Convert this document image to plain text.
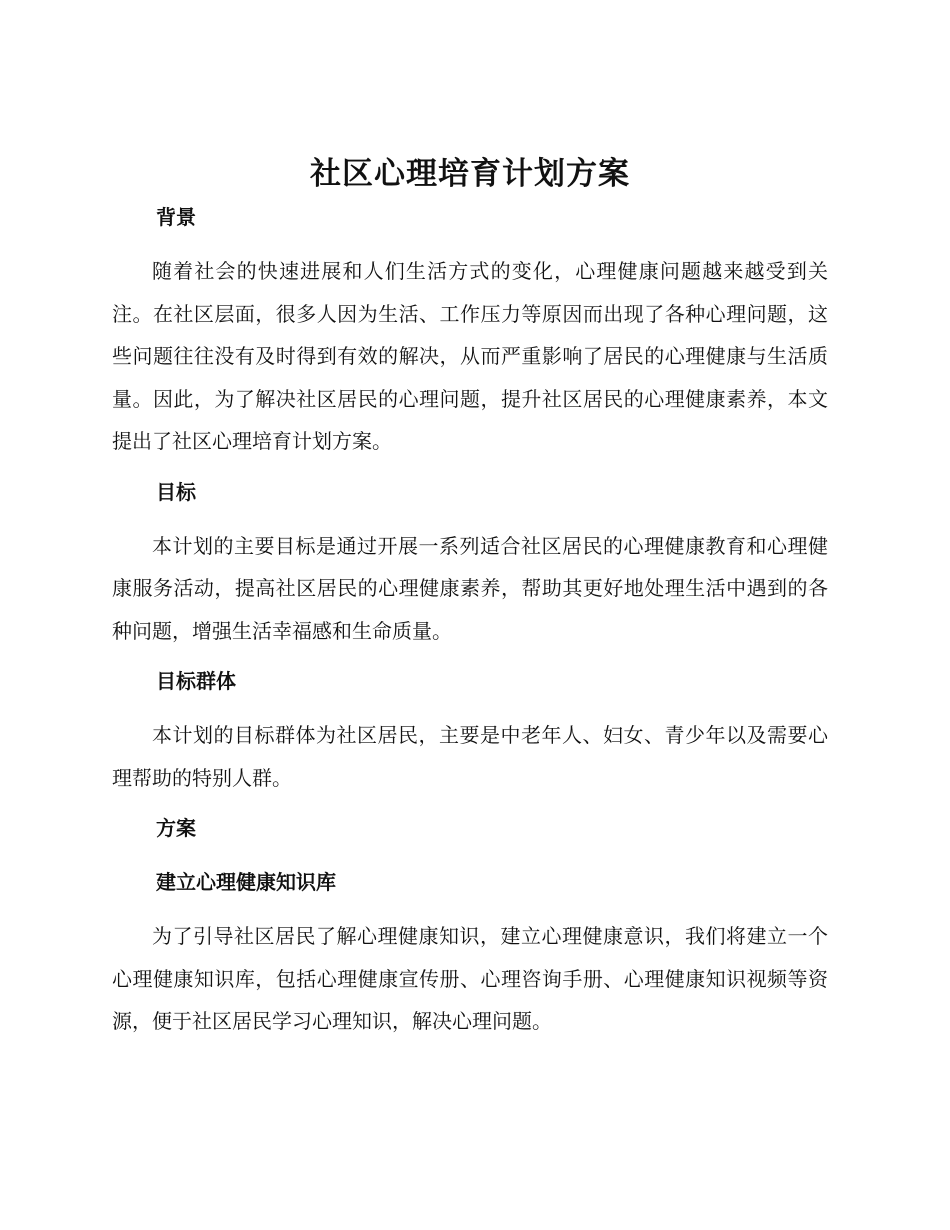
社区心理培育计划方案
背景

随着社会的快速进展和人们生活方式的变化，心理健康问题越来越受到关注。在社区层面，很多人因为生活、工作压力等原因而出现了各种心理问题，这些问题往往没有及时得到有效的解决，从而严重影响了居民的心理健康与生活质量。因此，为了解决社区居民的心理问题，提升社区居民的心理健康素养，本文提出了社区心理培育计划方案。

目标

本计划的主要目标是通过开展一系列适合社区居民的心理健康教育和心理健康服务活动，提高社区居民的心理健康素养，帮助其更好地处理生活中遇到的各种问题，增强生活幸福感和生命质量。

目标群体

本计划的目标群体为社区居民，主要是中老年人、妇女、青少年以及需要心理帮助的特别人群。

方案
建立心理健康知识库

为了引导社区居民了解心理健康知识，建立心理健康意识，我们将建立一个心理健康知识库，包括心理健康宣传册、心理咨询手册、心理健康知识视频等资源，便于社区居民学习心理知识，解决心理问题。
